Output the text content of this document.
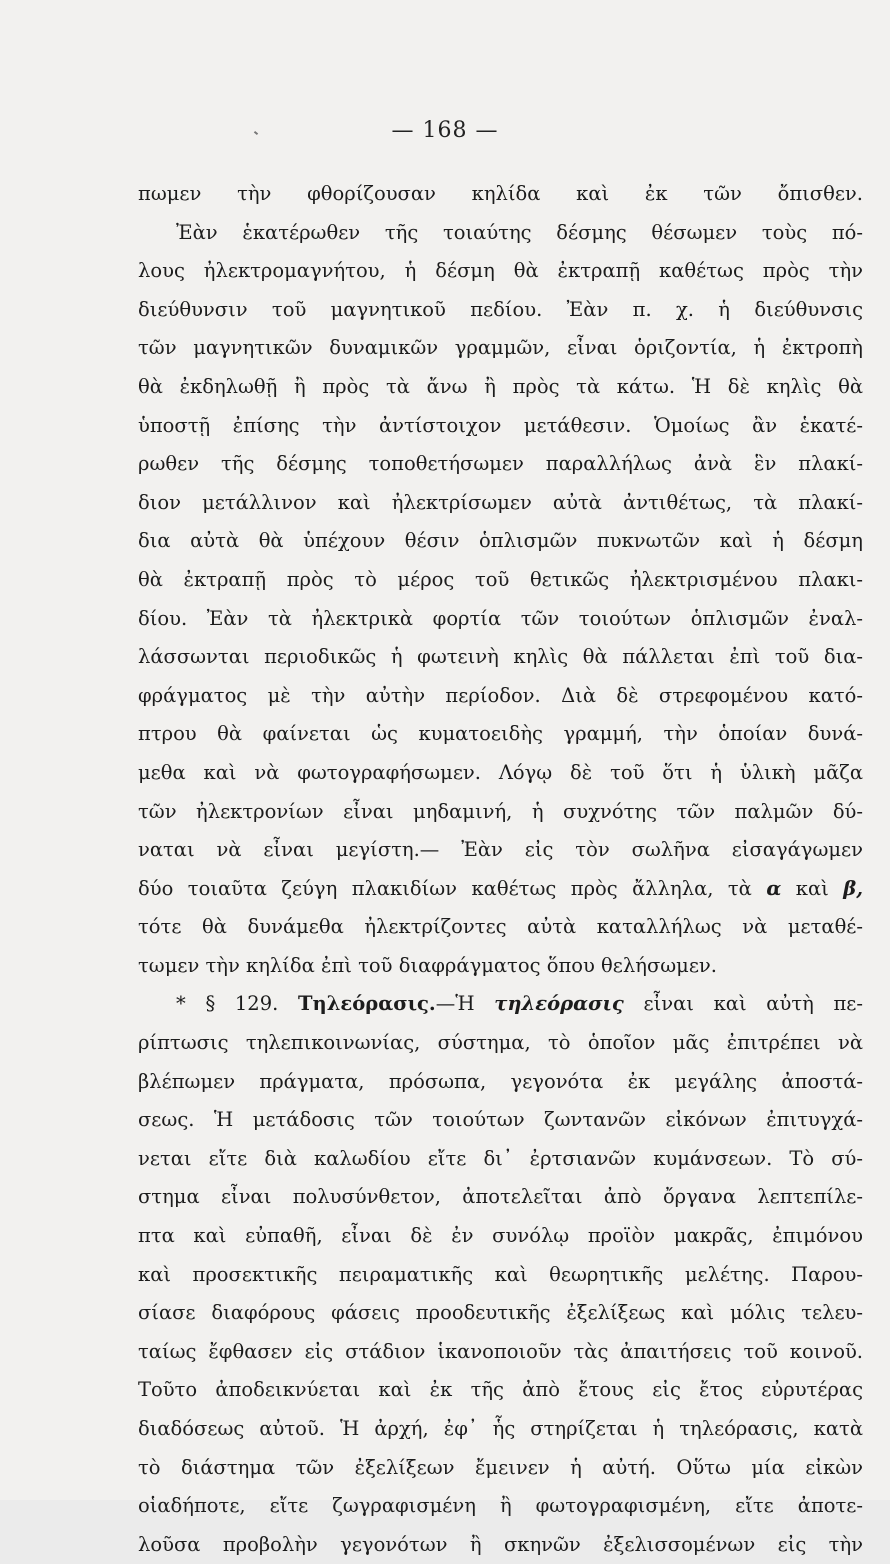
— 168 —
πωμεν τὴν φθορίζουσαν κηλίδα καὶ ἐκ τῶν ὄπισθεν.
Ἐὰν ἑκατέρωθεν τῆς τοιαύτης δέσμης θέσωμεν τοὺς πό-
λους ἠλεκτρομαγνήτου, ἡ δέσμη θὰ ἐκτραπῇ καθέτως πρὸς τὴν
διεύθυνσιν τοῦ μαγνητικοῦ πεδίου. Ἐὰν π. χ. ἡ διεύθυνσις
τῶν μαγνητικῶν δυναμικῶν γραμμῶν, εἶναι ὁριζοντία, ἡ ἐκτροπὴ
θὰ ἐκδηλωθῇ ἢ πρὸς τὰ ἄνω ἢ πρὸς τὰ κάτω. Ἡ δὲ κηλὶς θὰ
ὑποστῇ ἐπίσης τὴν ἀντίστοιχον μετάθεσιν. Ὁμοίως ἂν ἑκατέ-
ρωθεν τῆς δέσμης τοποθετήσωμεν παραλλήλως ἀνὰ ἓν πλακί-
διον μετάλλινον καὶ ἠλεκτρίσωμεν αὐτὰ ἀντιθέτως, τὰ πλακί-
δια αὐτὰ θὰ ὑπέχουν θέσιν ὁπλισμῶν πυκνωτῶν καὶ ἡ δέσμη
θὰ ἐκτραπῇ πρὸς τὸ μέρος τοῦ θετικῶς ἠλεκτρισμένου πλακι-
δίου. Ἐὰν τὰ ἠλεκτρικὰ φορτία τῶν τοιούτων ὁπλισμῶν ἐναλ-
λάσσωνται περιοδικῶς ἡ φωτεινὴ κηλὶς θὰ πάλλεται ἐπὶ τοῦ δια-
φράγματος μὲ τὴν αὐτὴν περίοδον. Διὰ δὲ στρεφομένου κατό-
πτρου θὰ φαίνεται ὡς κυματοειδὴς γραμμή, τὴν ὁποίαν δυνά-
μεθα καὶ νὰ φωτογραφήσωμεν. Λόγῳ δὲ τοῦ ὅτι ἡ ὑλικὴ μᾶζα
τῶν ἠλεκτρονίων εἶναι μηδαμινή, ἡ συχνότης τῶν παλμῶν δύ-
ναται νὰ εἶναι μεγίστη.— Ἐὰν εἰς τὸν σωλῆνα εἰσαγάγωμεν
δύο τοιαῦτα ζεύγη πλακιδίων καθέτως πρὸς ἄλληλα, τὰ α καὶ β,
τότε θὰ δυνάμεθα ἠλεκτρίζοντες αὐτὰ καταλλήλως νὰ μεταθέ-
τωμεν τὴν κηλίδα ἐπὶ τοῦ διαφράγματος ὅπου θελήσωμεν.
* § 129. Τηλεόρασις.—Ἡ τηλεόρασις εἶναι καὶ αὐτὴ πε-
ρίπτωσις τηλεπικοινωνίας, σύστημα, τὸ ὁποῖον μᾶς ἐπιτρέπει νὰ
βλέπωμεν πράγματα, πρόσωπα, γεγονότα ἐκ μεγάλης ἀποστά-
σεως. Ἡ μετάδοσις τῶν τοιούτων ζωντανῶν εἰκόνων ἐπιτυγχά-
νεται εἴτε διὰ καλωδίου εἴτε δι᾽ ἐρτσιανῶν κυμάνσεων. Τὸ σύ-
στημα εἶναι πολυσύνθετον, ἀποτελεῖται ἀπὸ ὄργανα λεπτεπίλε-
πτα καὶ εὐπαθῆ, εἶναι δὲ ἐν συνόλῳ προϊὸν μακρᾶς, ἐπιμόνου
καὶ προσεκτικῆς πειραματικῆς καὶ θεωρητικῆς μελέτης. Παρου-
σίασε διαφόρους φάσεις προοδευτικῆς ἐξελίξεως καὶ μόλις τελευ-
ταίως ἔφθασεν εἰς στάδιον ἱκανοποιοῦν τὰς ἀπαιτήσεις τοῦ κοινοῦ.
Τοῦτο ἀποδεικνύεται καὶ ἐκ τῆς ἀπὸ ἔτους εἰς ἔτος εὐρυτέρας
διαδόσεως αὐτοῦ. Ἡ ἀρχή, ἐφ᾽ ἧς στηρίζεται ἡ τηλεόρασις, κατὰ
τὸ διάστημα τῶν ἐξελίξεων ἔμεινεν ἡ αὐτή. Οὕτω μία εἰκὼν
οἱαδήποτε, εἴτε ζωγραφισμένη ἢ φωτογραφισμένη, εἴτε ἀποτε-
λοῦσα προβολὴν γεγονότων ἢ σκηνῶν ἐξελισσομένων εἰς τὴν
